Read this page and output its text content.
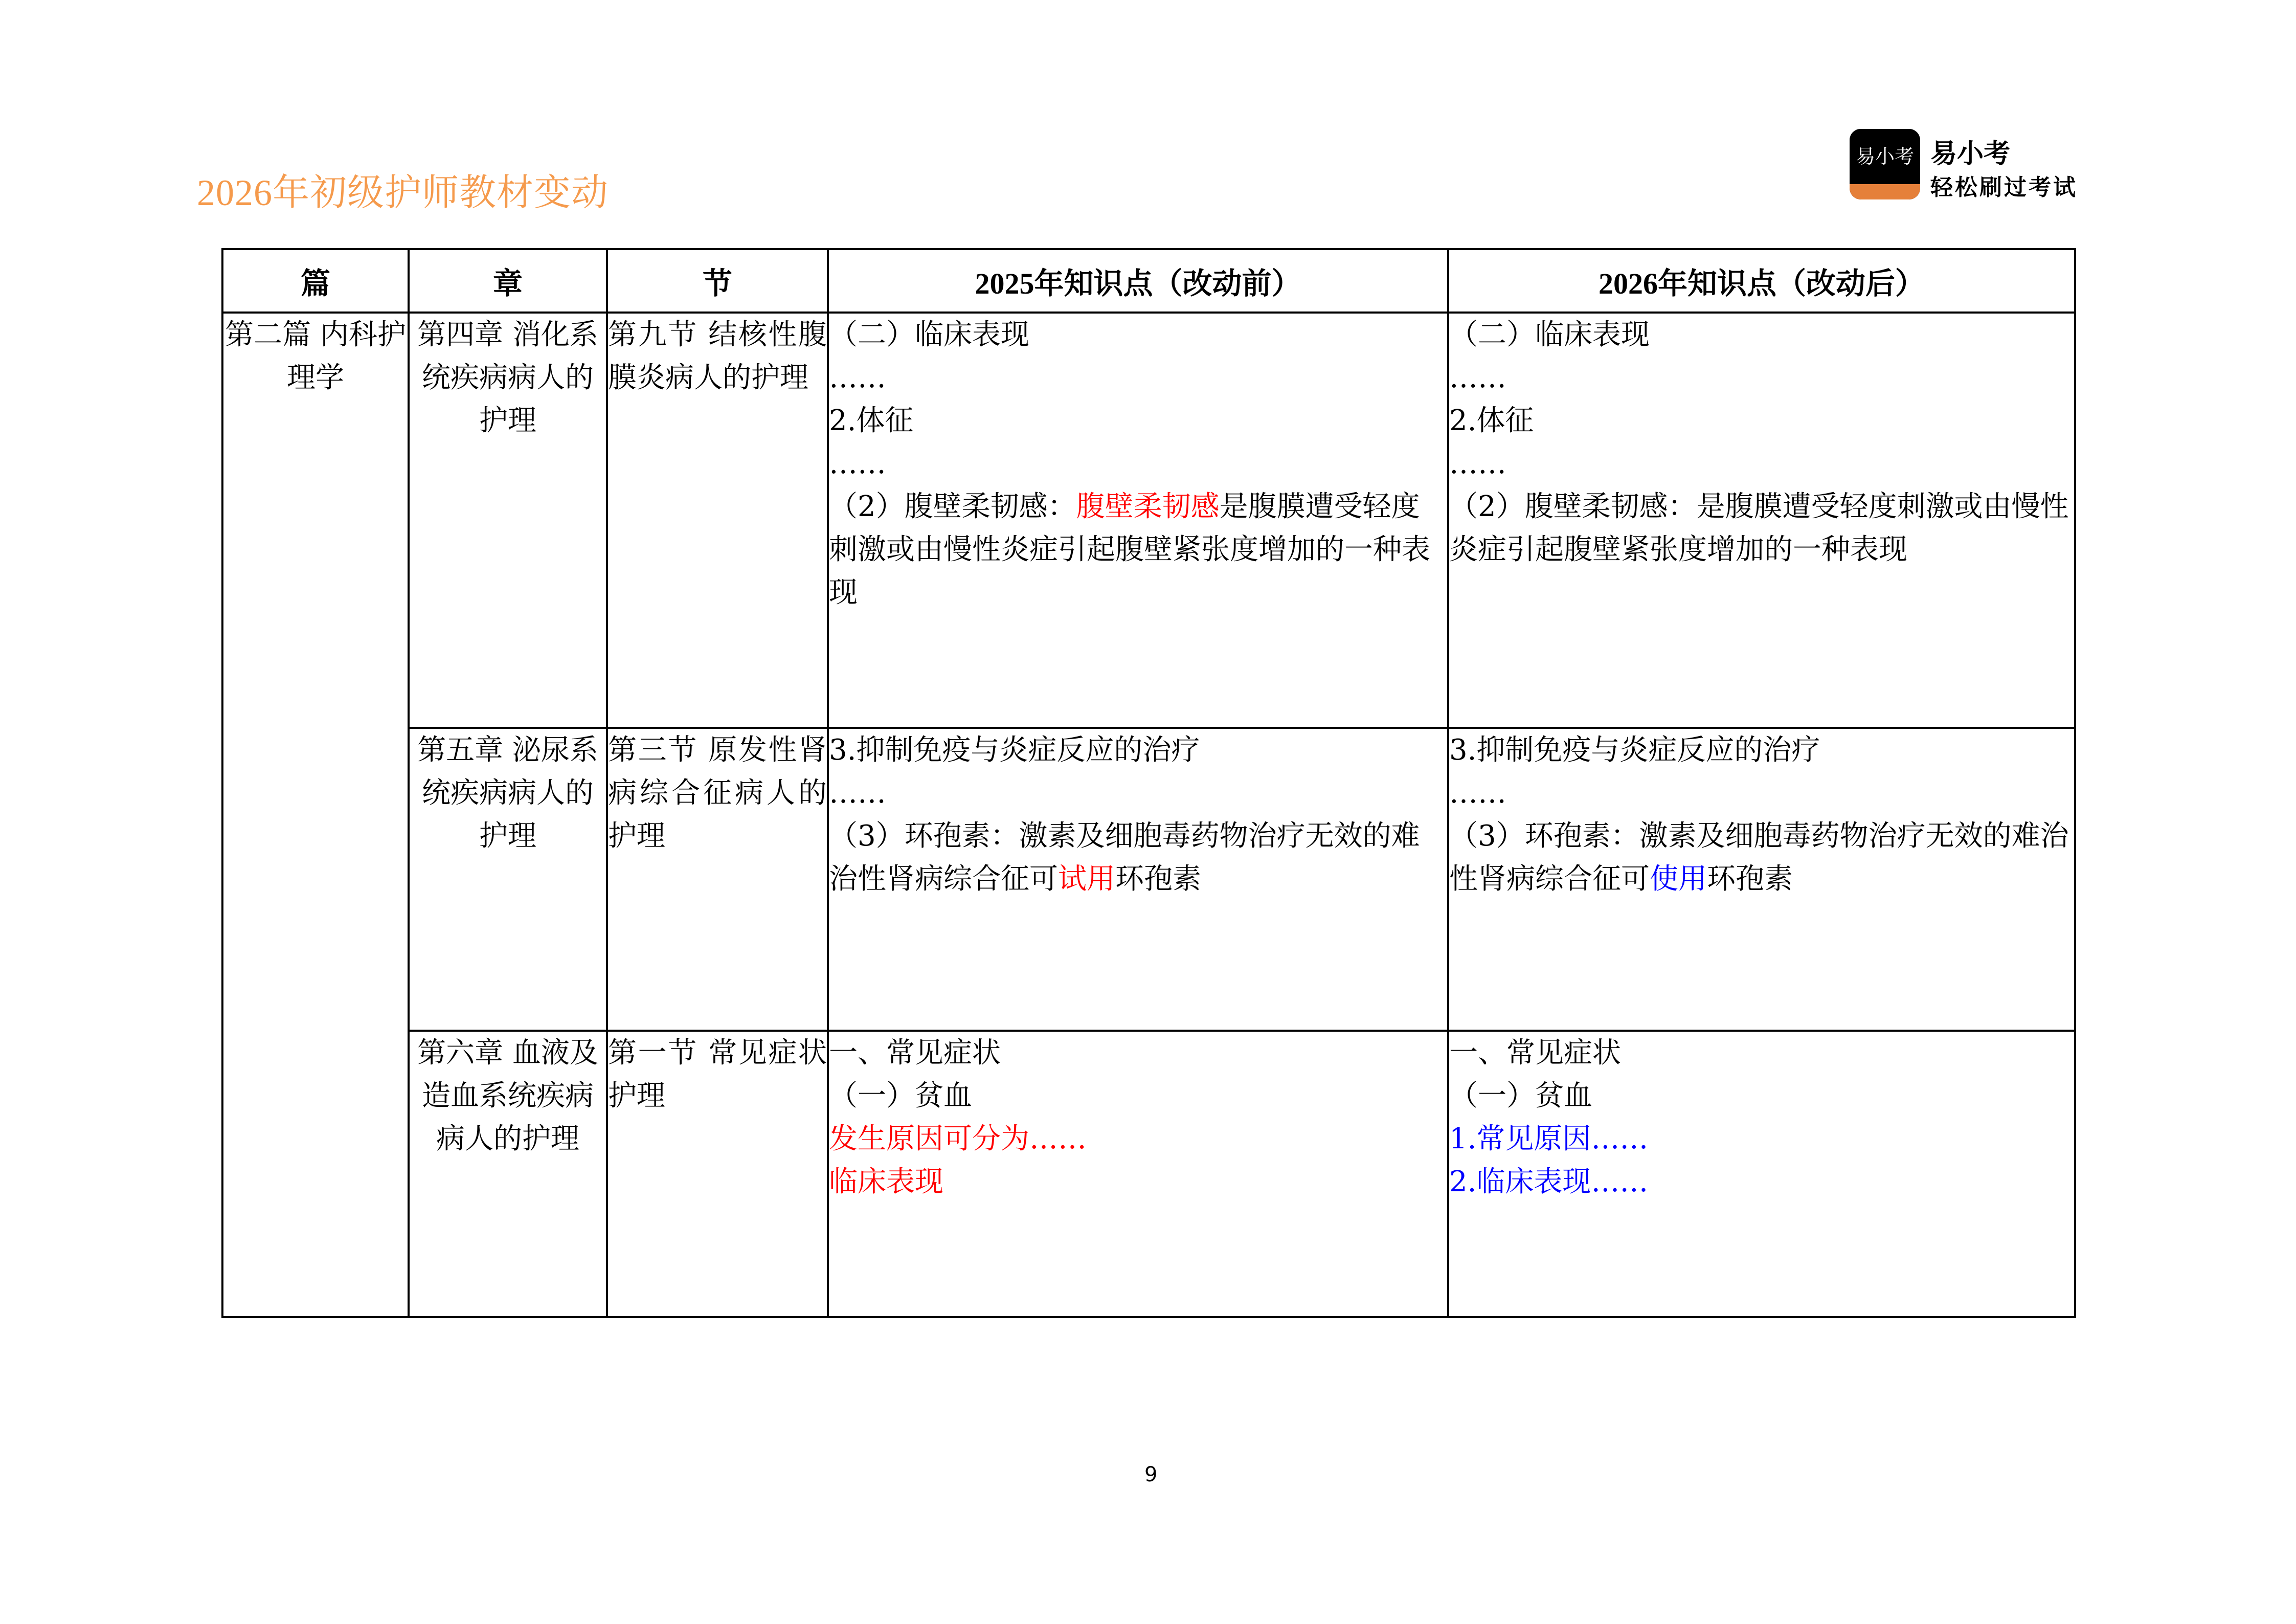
2026年初级护师教材变动
易小考 易小考
轻松刷过考试
篇	章	节	2025年知识点（改动前）	2026年知识点（改动后）
第二篇 内科护理学	第四章 消化系统疾病病人的护理	第九节 结核性腹膜炎病人的护理	（二）临床表现
……
2.体征
……
（2）腹壁柔韧感：腹壁柔韧感是腹膜遭受轻度刺激或由慢性炎症引起腹壁紧张度增加的一种表现	（二）临床表现
……
2.体征
……
（2）腹壁柔韧感：是腹膜遭受轻度刺激或由慢性炎症引起腹壁紧张度增加的一种表现

	第五章 泌尿系统疾病病人的护理	第三节 原发性肾病综合征病人的护理	3.抑制免疫与炎症反应的治疗
……
（3）环孢素：激素及细胞毒药物治疗无效的难治性肾病综合征可试用环孢素	3.抑制免疫与炎症反应的治疗
……
（3）环孢素：激素及细胞毒药物治疗无效的难治性肾病综合征可使用环孢素

	第六章 血液及造血系统疾病病人的护理	第一节 常见症状护理	一、常见症状
（一）贫血
发生原因可分为……
临床表现	一、常见症状
（一）贫血
1.常见原因……
2.临床表现……
9
